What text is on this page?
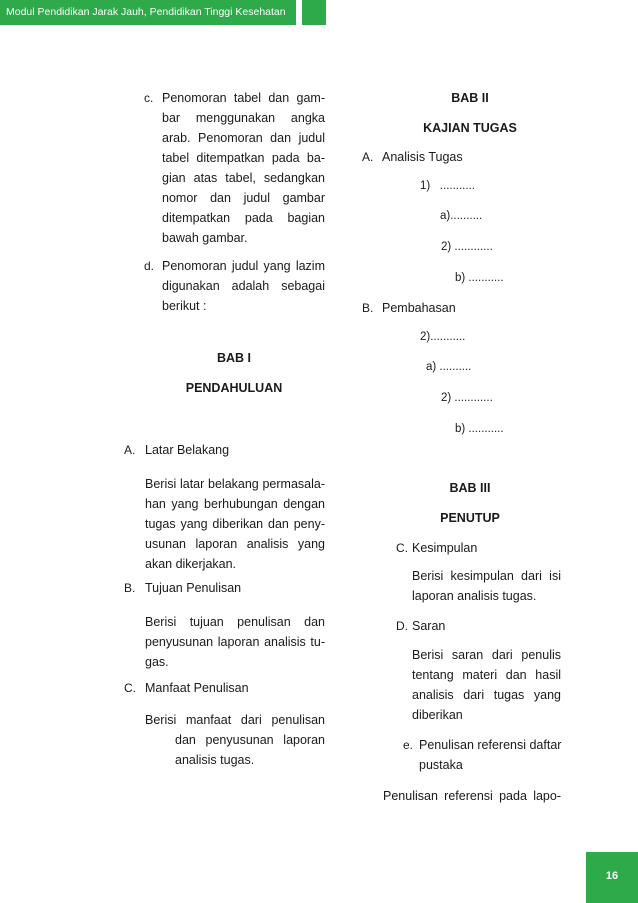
Modul Pendidikan Jarak Jauh, Pendidikan Tinggi Kesehatan
c. Penomoran tabel dan gam-
bar menggunakan angka
arab. Penomoran dan judul
tabel ditempatkan pada ba-
gian atas tabel, sedangkan
nomor dan judul gambar
ditempatkan pada bagian
bawah gambar.
d. Penomoran judul yang lazim
digunakan adalah sebagai
berikut :
BAB I
PENDAHULUAN
A. Latar Belakang
Berisi latar belakang permasala-
han yang berhubungan dengan
tugas yang diberikan dan peny-
usunan laporan analisis yang
akan dikerjakan.
B. Tujuan Penulisan
Berisi tujuan penulisan dan
penyusunan laporan analisis tu-
gas.
C. Manfaat Penulisan
Berisi manfaat dari penulisan
dan penyusunan laporan
analisis tugas.
BAB II
KAJIAN TUGAS
A. Analisis Tugas
1)   ...........
a)..........
2) ............
b) ...........
B. Pembahasan
2)...........
a) ..........
2) ............
b) ...........
BAB III
PENUTUP
C. Kesimpulan
Berisi kesimpulan dari isi
laporan analisis tugas.
D. Saran
Berisi saran dari penulis
tentang materi dan hasil
analisis dari tugas yang
diberikan
e. Penulisan referensi daftar
pustaka
Penulisan referensi pada lapo-
16
